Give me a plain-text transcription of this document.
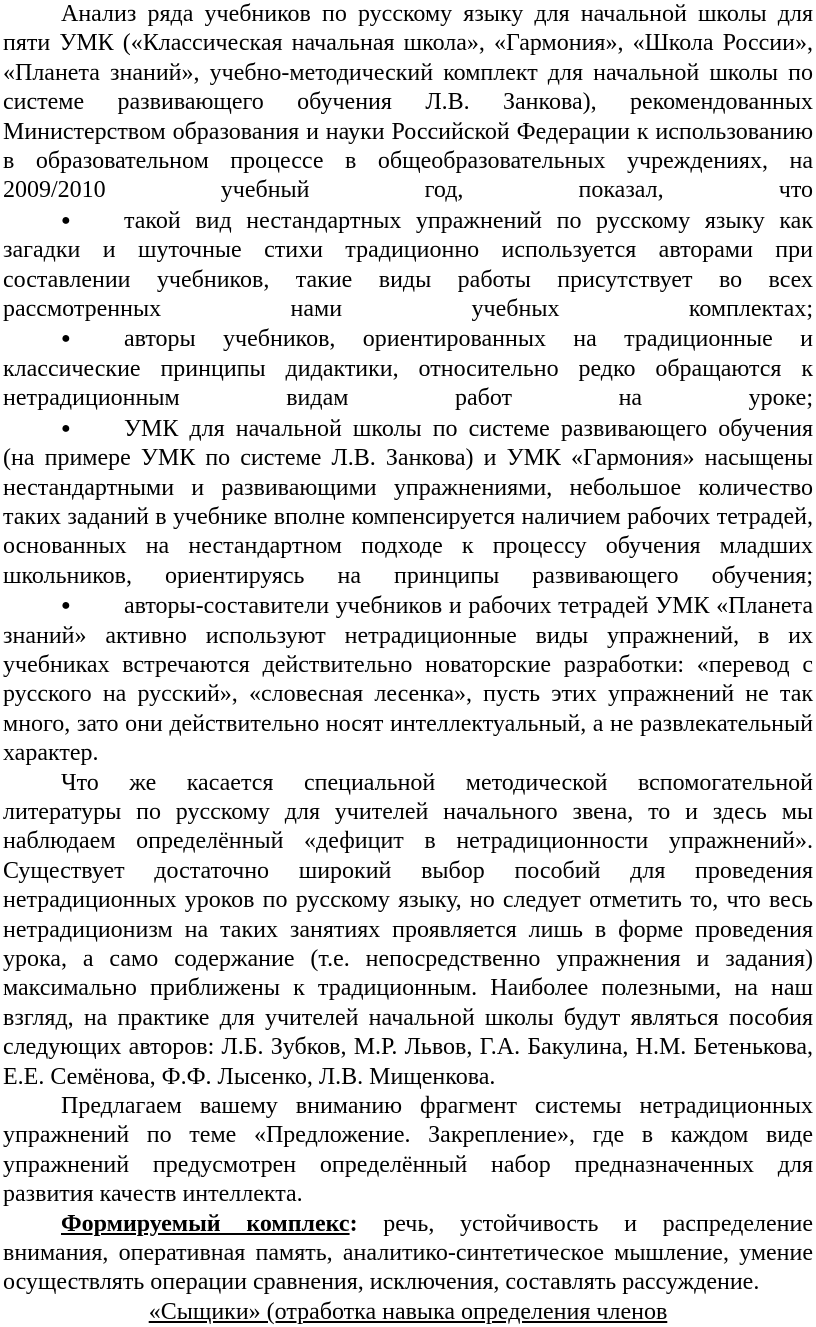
Анализ ряда учебников по русскому языку для начальной школы для пяти УМК («Классическая начальная школа», «Гармония», «Школа России», «Планета знаний», учебно-методический комплект для начальной школы по системе развивающего обучения Л.В. Занкова), рекомендованных Министерством образования и науки Российской Федерации к использованию в образовательном процессе в общеобразовательных учреждениях, на 2009/2010 учебный год, показал, что

● такой вид нестандартных упражнений по русскому языку как загадки и шуточные стихи традиционно используется авторами при составлении учебников, такие виды работы присутствует во всех рассмотренных нами учебных комплектах;

● авторы учебников, ориентированных на традиционные и классические принципы дидактики, относительно редко обращаются к нетрадиционным видам работ на уроке;

● УМК для начальной школы по системе развивающего обучения (на примере УМК по системе Л.В. Занкова) и УМК «Гармония» насыщены нестандартными и развивающими упражнениями, небольшое количество таких заданий в учебнике вполне компенсируется наличием рабочих тетрадей, основанных на нестандартном подходе к процессу обучения младших школьников, ориентируясь на принципы развивающего обучения;

● авторы-составители учебников и рабочих тетрадей УМК «Планета знаний» активно используют нетрадиционные виды упражнений, в их учебниках встречаются действительно новаторские разработки: «перевод с русского на русский», «словесная лесенка», пусть этих упражнений не так много, зато они действительно носят интеллектуальный, а не развлекательный характер.

Что же касается специальной методической вспомогательной литературы по русскому для учителей начального звена, то и здесь мы наблюдаем определённый «дефицит в нетрадиционности упражнений». Существует достаточно широкий выбор пособий для проведения нетрадиционных уроков по русскому языку, но следует отметить то, что весь нетрадиционизм на таких занятиях проявляется лишь в форме проведения урока, а само содержание (т.е. непосредственно упражнения и задания) максимально приближены к традиционным. Наиболее полезными, на наш взгляд, на практике для учителей начальной школы будут являться пособия следующих авторов: Л.Б. Зубков, М.Р. Львов, Г.А. Бакулина, Н.М. Бетенькова, Е.Е. Семёнова, Ф.Ф. Лысенко, Л.В. Мищенкова.

Предлагаем вашему вниманию фрагмент системы нетрадиционных упражнений по теме «Предложение. Закрепление», где в каждом виде упражнений предусмотрен определённый набор предназначенных для развития качеств интеллекта.

Формируемый комплекс: речь, устойчивость и распределение внимания, оперативная память, аналитико-синтетическое мышление, умение осуществлять операции сравнения, исключения, составлять рассуждение.

«Сыщики» (отработка навыка определения членов
